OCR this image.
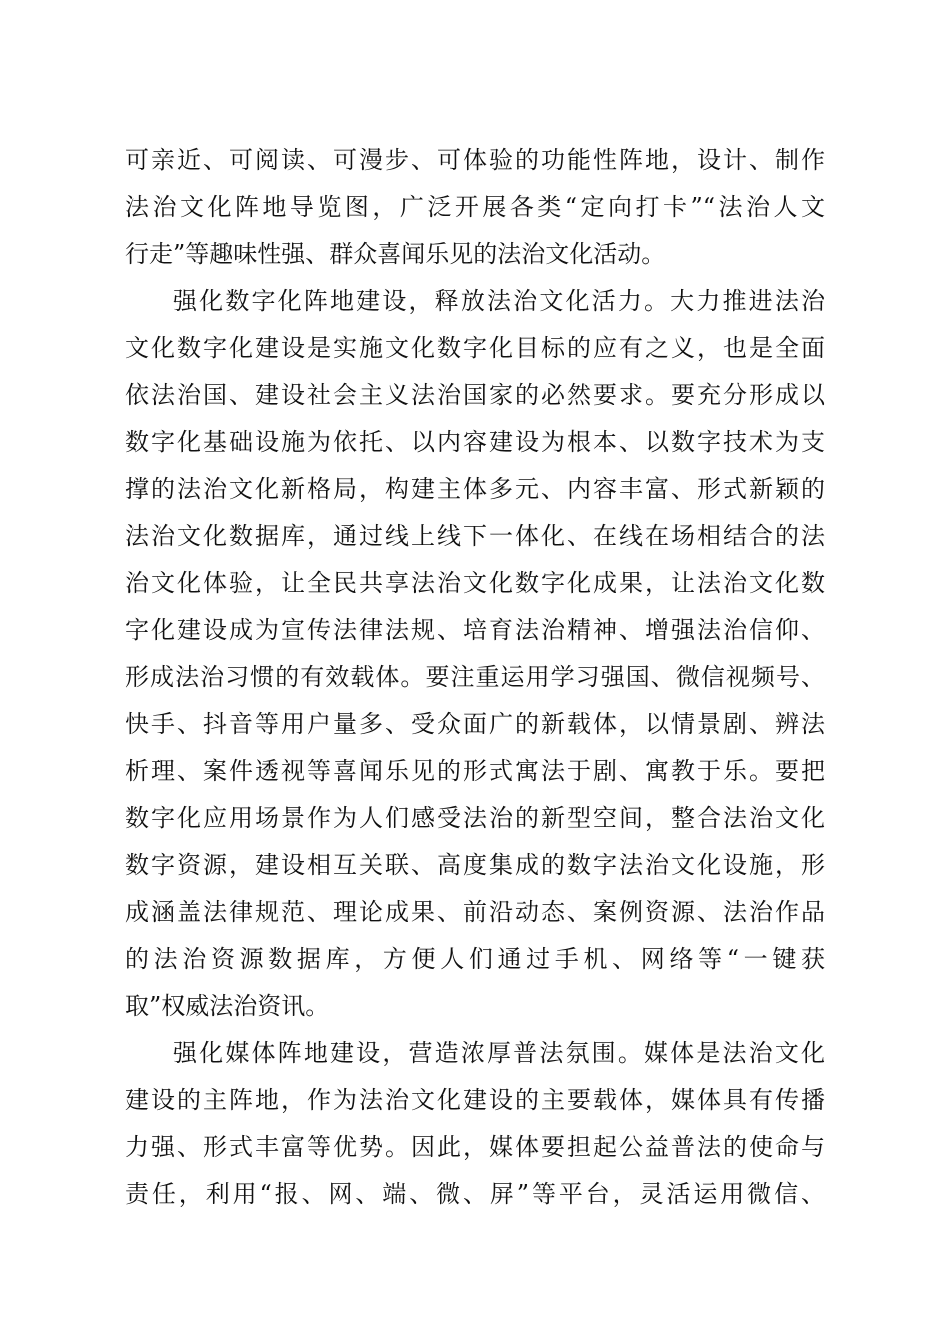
可亲近、可阅读、可漫步、可体验的功能性阵地，设计、制作
法治文化阵地导览图，广泛开展各类“定向打卡”“法治人文
行走”等趣味性强、群众喜闻乐见的法治文化活动。
强化数字化阵地建设，释放法治文化活力。大力推进法治
文化数字化建设是实施文化数字化目标的应有之义，也是全面
依法治国、建设社会主义法治国家的必然要求。要充分形成以
数字化基础设施为依托、以内容建设为根本、以数字技术为支
撑的法治文化新格局，构建主体多元、内容丰富、形式新颖的
法治文化数据库，通过线上线下一体化、在线在场相结合的法
治文化体验，让全民共享法治文化数字化成果，让法治文化数
字化建设成为宣传法律法规、培育法治精神、增强法治信仰、
形成法治习惯的有效载体。要注重运用学习强国、微信视频号、
快手、抖音等用户量多、受众面广的新载体，以情景剧、辨法
析理、案件透视等喜闻乐见的形式寓法于剧、寓教于乐。要把
数字化应用场景作为人们感受法治的新型空间，整合法治文化
数字资源，建设相互关联、高度集成的数字法治文化设施，形
成涵盖法律规范、理论成果、前沿动态、案例资源、法治作品
的法治资源数据库，方便人们通过手机、网络等“一键获
取”权威法治资讯。
强化媒体阵地建设，营造浓厚普法氛围。媒体是法治文化
建设的主阵地，作为法治文化建设的主要载体，媒体具有传播
力强、形式丰富等优势。因此，媒体要担起公益普法的使命与
责任，利用“报、网、端、微、屏”等平台，灵活运用微信、
